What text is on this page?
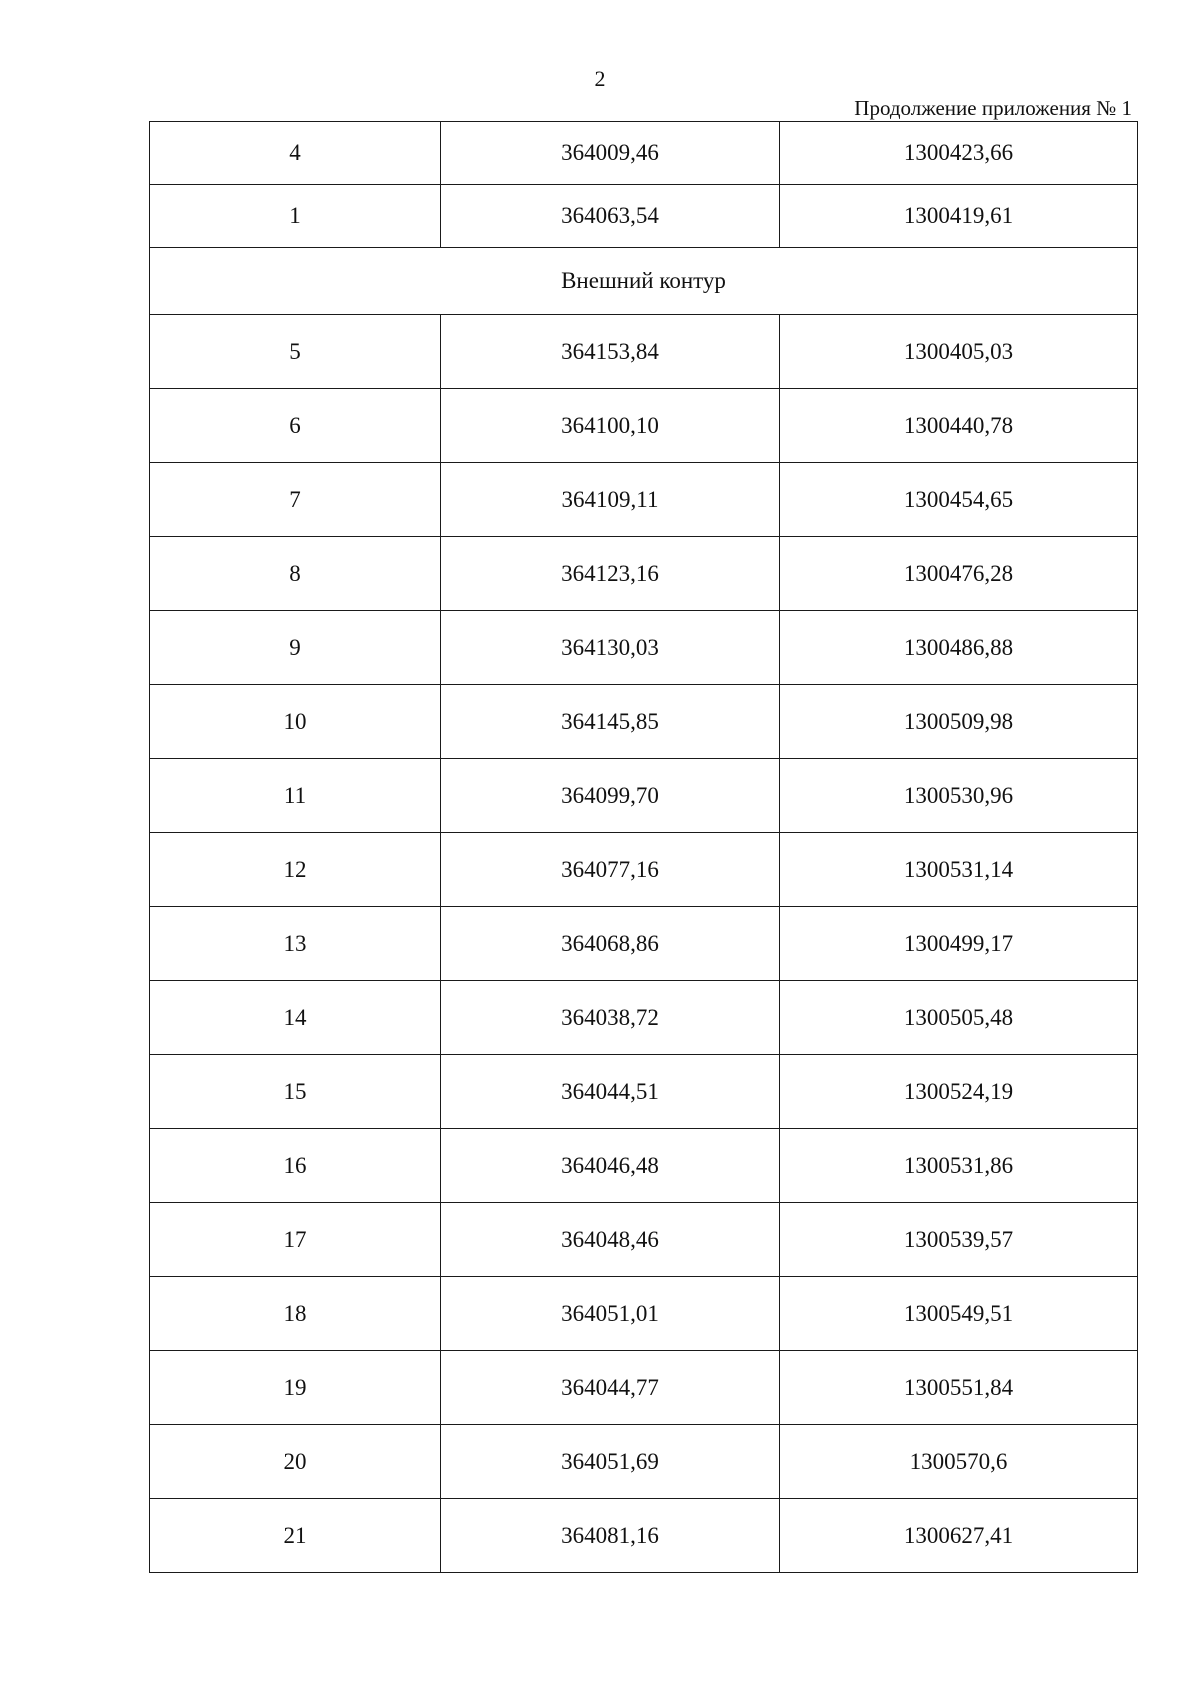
2
Продолжение приложения № 1
4	364009,46	1300423,66
1	364063,54	1300419,61
Внешний контур		
5	364153,84	1300405,03
6	364100,10	1300440,78
7	364109,11	1300454,65
8	364123,16	1300476,28
9	364130,03	1300486,88
10	364145,85	1300509,98
11	364099,70	1300530,96
12	364077,16	1300531,14
13	364068,86	1300499,17
14	364038,72	1300505,48
15	364044,51	1300524,19
16	364046,48	1300531,86
17	364048,46	1300539,57
18	364051,01	1300549,51
19	364044,77	1300551,84
20	364051,69	1300570,6
21	364081,16	1300627,41
